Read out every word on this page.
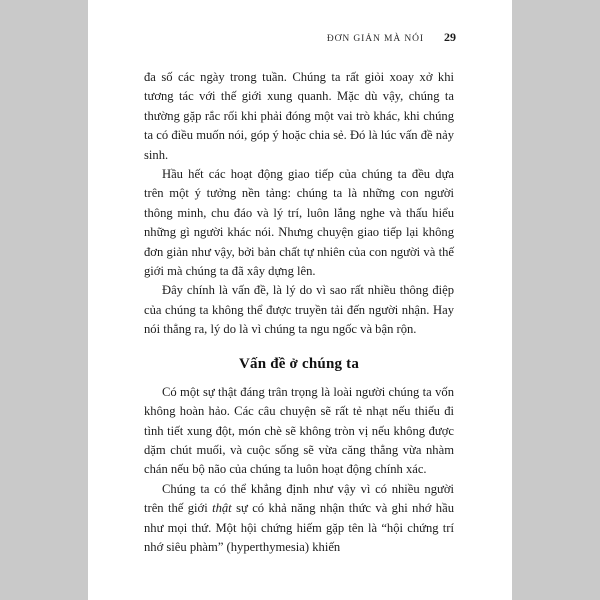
ĐƠN GIẢN MÀ NÓI 29

đa số các ngày trong tuần. Chúng ta rất giỏi xoay xở khi tương tác với thế giới xung quanh. Mặc dù vậy, chúng ta thường gặp rắc rối khi phải đóng một vai trò khác, khi chúng ta có điều muốn nói, góp ý hoặc chia sẻ. Đó là lúc vấn đề nảy sinh.

Hầu hết các hoạt động giao tiếp của chúng ta đều dựa trên một ý tưởng nền tảng: chúng ta là những con người thông minh, chu đáo và lý trí, luôn lắng nghe và thấu hiểu những gì người khác nói. Nhưng chuyện giao tiếp lại không đơn giản như vậy, bởi bản chất tự nhiên của con người và thế giới mà chúng ta đã xây dựng lên.

Đây chính là vấn đề, là lý do vì sao rất nhiều thông điệp của chúng ta không thể được truyền tải đến người nhận. Hay nói thẳng ra, lý do là vì chúng ta ngu ngốc và bận rộn.

Vấn đề ở chúng ta

Có một sự thật đáng trân trọng là loài người chúng ta vốn không hoàn hảo. Các câu chuyện sẽ rất tẻ nhạt nếu thiếu đi tình tiết xung đột, món chè sẽ không tròn vị nếu không được dặm chút muối, và cuộc sống sẽ vừa căng thẳng vừa nhàm chán nếu bộ não của chúng ta luôn hoạt động chính xác.

Chúng ta có thể khẳng định như vậy vì có nhiều người trên thế giới thật sự có khả năng nhận thức và ghi nhớ hầu như mọi thứ. Một hội chứng hiếm gặp tên là “hội chứng trí nhớ siêu phàm” (hyperthymesia) khiến
